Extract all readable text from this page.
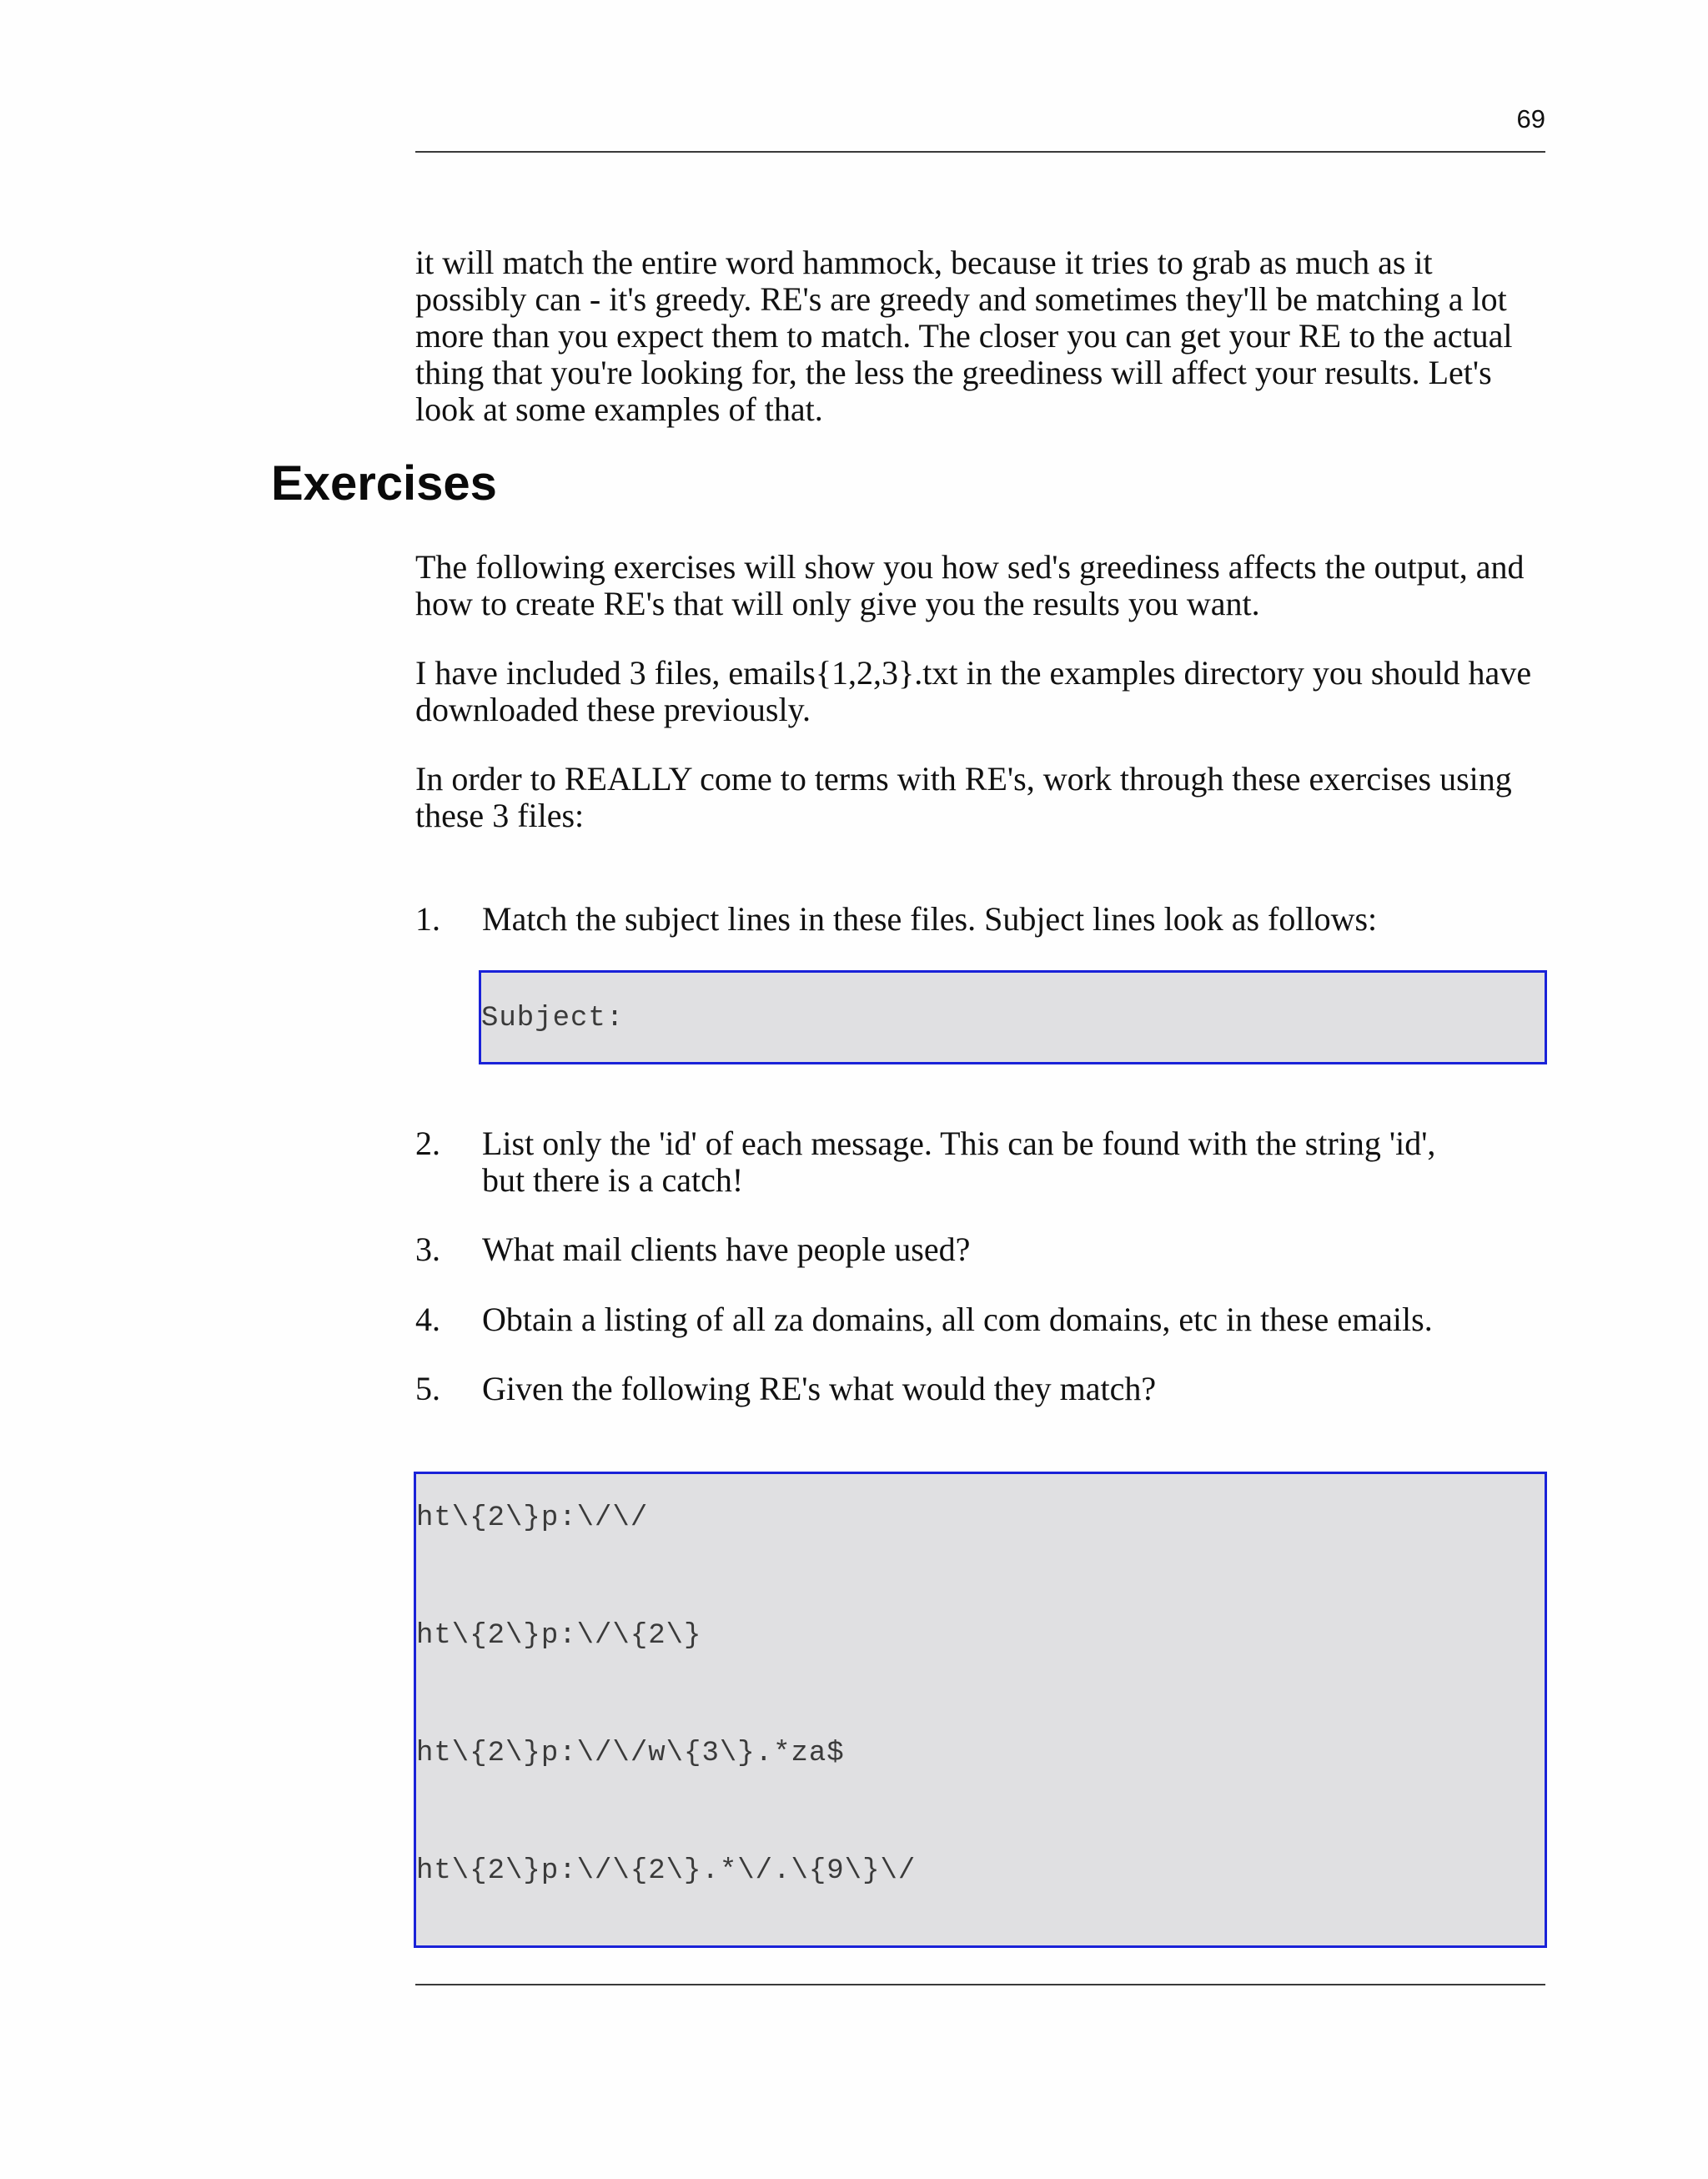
69

it will match the entire word hammock, because it tries to grab as much as it possibly can - it's greedy. RE's are greedy and sometimes they'll be matching a lot more than you expect them to match. The closer you can get your RE to the actual thing that you're looking for, the less the greediness will affect your results. Let's look at some examples of that.

Exercises

The following exercises will show you how sed's greediness affects the output, and how to create RE's that will only give you the results you want.

I have included 3 files, emails{1,2,3}.txt in the examples directory you should have downloaded these previously.

In order to REALLY come to terms with RE's, work through these exercises using these 3 files:

1. Match the subject lines in these files. Subject lines look as follows:
Subject:
2. List only the 'id' of each message. This can be found with the string 'id', but there is a catch!
3. What mail clients have people used?
4. Obtain a listing of all za domains, all com domains, etc in these emails.
5. Given the following RE's what would they match?
ht\{2\}p:\/\/
ht\{2\}p:\/\{2\}
ht\{2\}p:\/\/w\{3\}.*za$
ht\{2\}p:\/\{2\}.*\/.\{9\}\/
